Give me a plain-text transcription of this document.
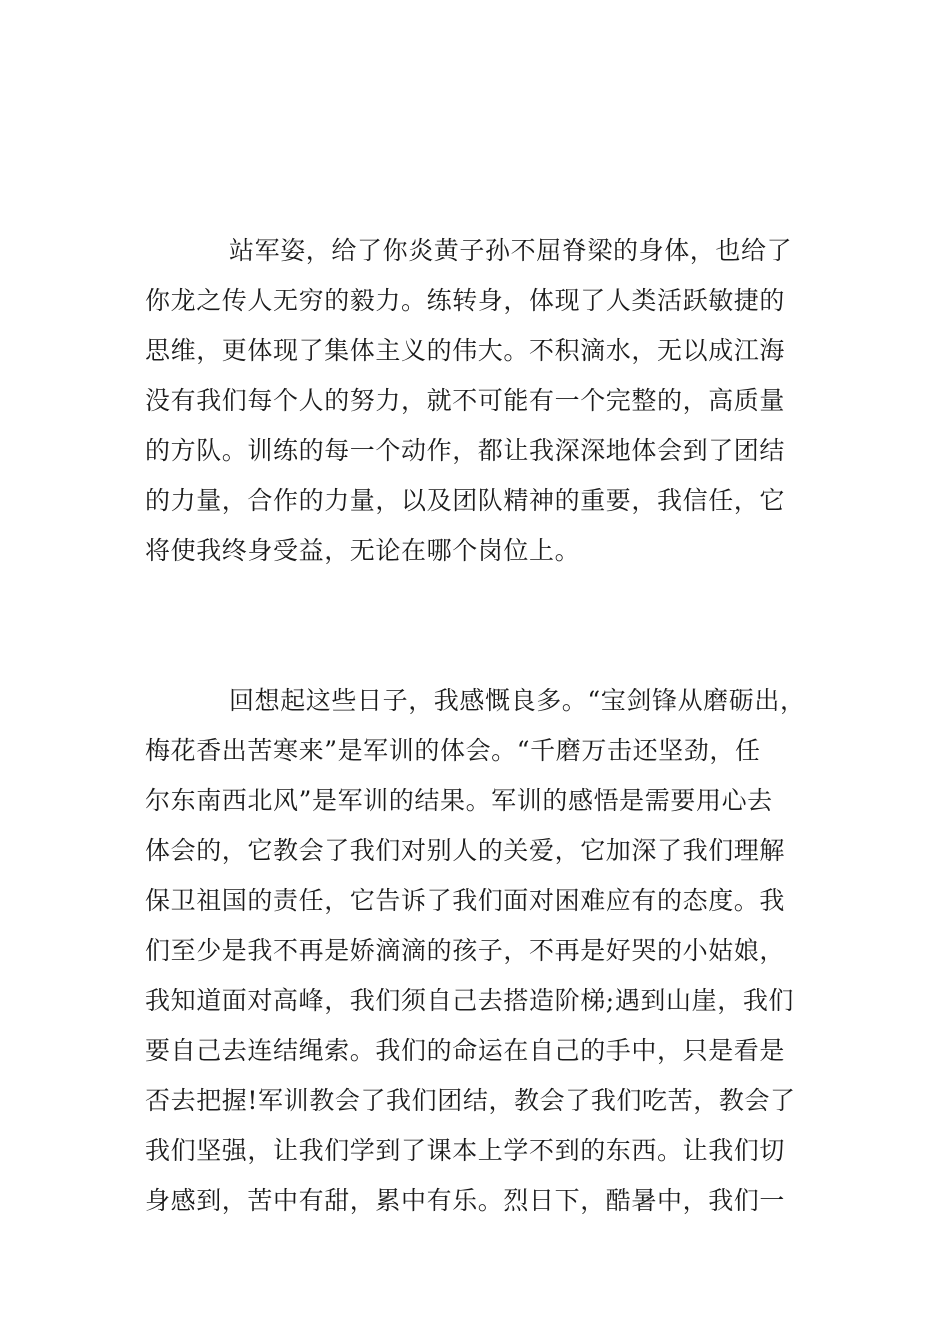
站军姿，给了你炎黄子孙不屈脊梁的身体，也给了
你龙之传人无穷的毅力。练转身，体现了人类活跃敏捷的
思维，更体现了集体主义的伟大。不积滴水，无以成江海
没有我们每个人的努力，就不可能有一个完整的，高质量
的方队。训练的每一个动作，都让我深深地体会到了团结
的力量，合作的力量，以及团队精神的重要，我信任，它
将使我终身受益，无论在哪个岗位上。
回想起这些日子，我感慨良多。“宝剑锋从磨砺出，
梅花香出苦寒来”是军训的体会。“千磨万击还坚劲，任
尔东南西北风”是军训的结果。军训的感悟是需要用心去
体会的，它教会了我们对别人的关爱，它加深了我们理解
保卫祖国的责任，它告诉了我们面对困难应有的态度。我
们至少是我不再是娇滴滴的孩子，不再是好哭的小姑娘，
我知道面对高峰，我们须自己去搭造阶梯;遇到山崖，我们
要自己去连结绳索。我们的命运在自己的手中，只是看是
否去把握!军训教会了我们团结，教会了我们吃苦，教会了
我们坚强，让我们学到了课本上学不到的东西。让我们切
身感到，苦中有甜，累中有乐。烈日下，酷暑中，我们一
